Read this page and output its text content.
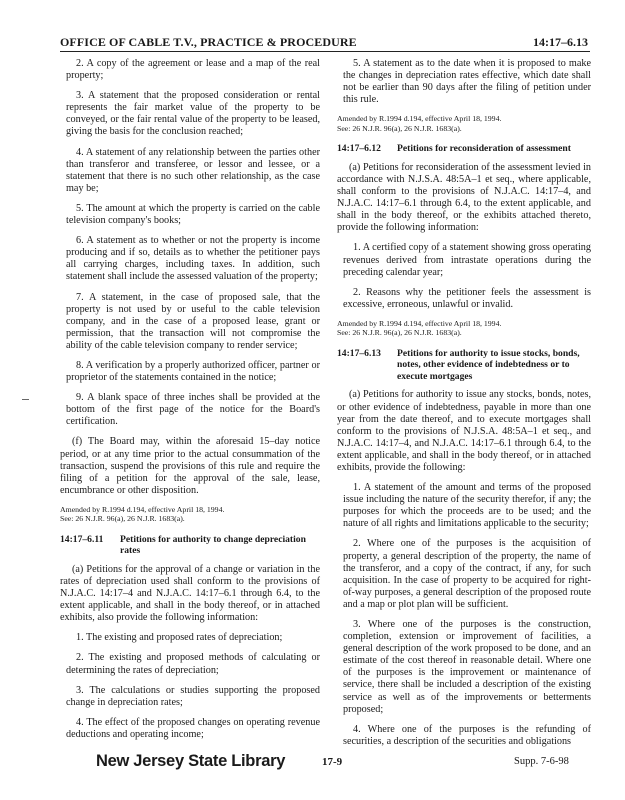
OFFICE OF CABLE T.V., PRACTICE & PROCEDURE	14:17–6.13

2. A copy of the agreement or lease and a map of the real property;

3. A statement that the proposed consideration or rental represents the fair market value of the property to be conveyed, or the fair rental value of the property to be leased, giving the basis for the conclusion reached;

4. A statement of any relationship between the parties other than transferor and transferee, or lessor and lessee, or a statement that there is no such other relationship, as the case may be;

5. The amount at which the property is carried on the cable television company's books;

6. A statement as to whether or not the property is income producing and if so, details as to whether the petitioner pays all carrying charges, including taxes. In addition, such statement shall include the assessed valuation of the property;

7. A statement, in the case of proposed sale, that the property is not used by or useful to the cable television company, and in the case of a proposed lease, grant or permission, that the transaction will not compromise the ability of the cable television company to render service;

8. A verification by a properly authorized officer, partner or proprietor of the statements contained in the notice;

9. A blank space of three inches shall be provided at the bottom of the first page of the notice for the Board's certification.

(f) The Board may, within the aforesaid 15–day notice period, or at any time prior to the actual consummation of the transaction, suspend the provisions of this rule and require the filing of a petition for the approval of the sale, lease, encumbrance or other disposition.

Amended by R.1994 d.194, effective April 18, 1994.
See: 26 N.J.R. 96(a), 26 N.J.R. 1683(a).
14:17–6.11	Petitions for authority to change depreciation rates

(a) Petitions for the approval of a change or variation in the rates of depreciation used shall conform to the provisions of N.J.A.C. 14:17–4 and N.J.A.C. 14:17–6.1 through 6.4, to the extent applicable, and shall in the body thereof, or in attached exhibits, also provide the following information:

1. The existing and proposed rates of depreciation;

2. The existing and proposed methods of calculating or determining the rates of depreciation;

3. The calculations or studies supporting the proposed change in depreciation rates;

4. The effect of the proposed changes on operating revenue deductions and operating income;

5. A statement as to the date when it is proposed to make the changes in depreciation rates effective, which date shall not be earlier than 90 days after the filing of petition under this rule.

Amended by R.1994 d.194, effective April 18, 1994.
See: 26 N.J.R. 96(a), 26 N.J.R. 1683(a).
14:17–6.12	Petitions for reconsideration of assessment

(a) Petitions for reconsideration of the assessment levied in accordance with N.J.S.A. 48:5A–1 et seq., where applicable, shall conform to the provisions of N.J.A.C. 14:17–4, and N.J.A.C. 14:17–6.1 through 6.4, to the extent applicable, and shall in the body thereof, or the exhibits attached thereto, provide the following information:

1. A certified copy of a statement showing gross operating revenues derived from intrastate operations during the preceding calendar year;

2. Reasons why the petitioner feels the assessment is excessive, erroneous, unlawful or invalid.

Amended by R.1994 d.194, effective April 18, 1994.
See: 26 N.J.R. 96(a), 26 N.J.R. 1683(a).
14:17–6.13	Petitions for authority to issue stocks, bonds, notes, other evidence of indebtedness or to execute mortgages

(a) Petitions for authority to issue any stocks, bonds, notes, or other evidence of indebtedness, payable in more than one year from the date thereof, and to execute mortgages shall conform to the provisions of N.J.S.A. 48:5A–1 et seq., and N.J.A.C. 14:17–4, and N.J.A.C. 14:17–6.1 through 6.4, to the extent applicable, and shall in the body thereof, or in attached exhibits, provide the following:

1. A statement of the amount and terms of the proposed issue including the nature of the security therefor, if any; the purposes for which the proceeds are to be used; and the nature of all rights and limitations applicable to the security;

2. Where one of the purposes is the acquisition of property, a general description of the property, the name of the transferor, and a copy of the contract, if any, for such acquisition. In the case of property to be acquired for right-of-way purposes, a general description of the proposed route and a map or plot plan will be sufficient.

3. Where one of the purposes is the construction, completion, extension or improvement of facilities, a general description of the work proposed to be done, and an estimate of the cost thereof in reasonable detail. Where one of the purposes is the improvement or maintenance of service, there shall be included a description of the existing service as well as of the improvements or betterments proposed;

4. Where one of the purposes is the refunding of securities, a description of the securities and obligations

New Jersey State Library	17-9	Supp. 7-6-98
